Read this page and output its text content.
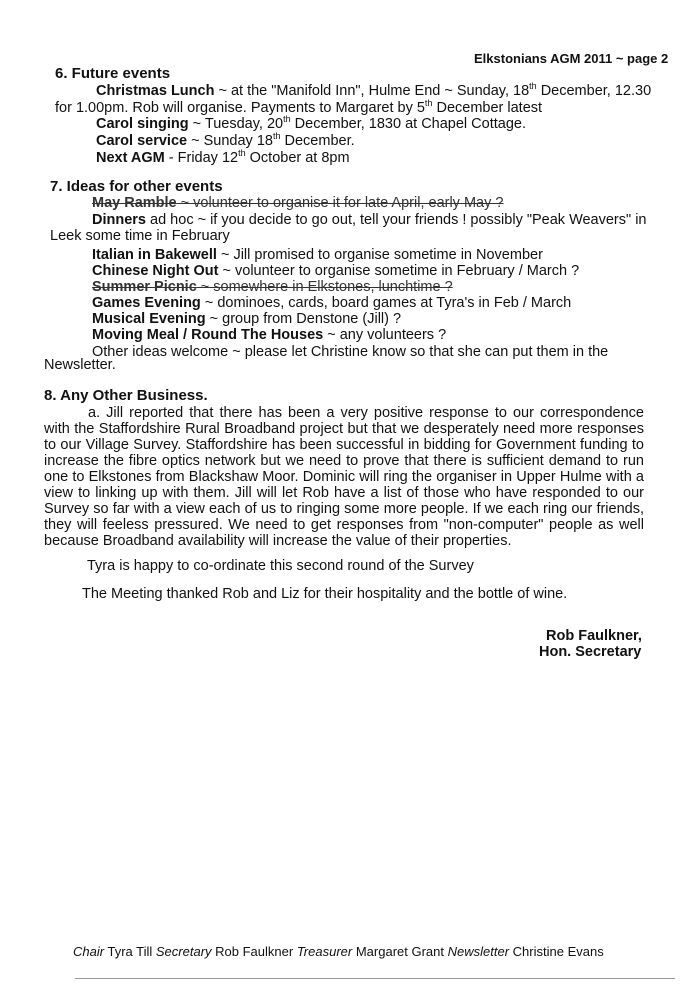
Elkstonians AGM 2011 ~ page 2
6. Future events
Christmas Lunch ~ at the "Manifold Inn", Hulme End ~ Sunday, 18th December, 12.30
for 1.00pm. Rob will organise. Payments to Margaret by 5th December latest
Carol singing ~ Tuesday, 20th December, 1830 at Chapel Cottage.
Carol service ~ Sunday 18th December.
Next AGM - Friday 12th October at 8pm
7. Ideas for other events
May Ramble ~ volunteer to organise it for late April, early May ?
Dinners ad hoc ~ if you decide to go out, tell your friends ! possibly "Peak Weavers" in
Leek some time in February
Italian in Bakewell ~ Jill promised to organise sometime in November
Chinese Night Out ~ volunteer to organise sometime in February / March ?
Summer Picnic ~ somewhere in Elkstones, lunchtime ?
Games Evening ~ dominoes, cards, board games at Tyra's in Feb / March
Musical Evening ~ group from Denstone (Jill) ?
Moving Meal / Round The Houses ~ any volunteers ?
Other ideas welcome ~ please let Christine know so that she can put them in the
Newsletter.
8. Any Other Business.
a. Jill reported that there has been a very positive response to our correspondence with the Staffordshire Rural Broadband project but that we desperately need more responses to our Village Survey. Staffordshire has been successful in bidding for Government funding to increase the fibre optics network but we need to prove that there is sufficient demand to run one to Elkstones from Blackshaw Moor. Dominic will ring the organiser in Upper Hulme with a view to linking up with them. Jill will let Rob have a list of those who have responded to our Survey so far with a view each of us to ringing some more people. If we each ring our friends, they will feeless pressured. We need to get responses from "non-computer" people as well because Broadband availability will increase the value of their properties.
Tyra is happy to co-ordinate this second round of the Survey
The Meeting thanked Rob and Liz for their hospitality and the bottle of wine.
Rob Faulkner,
Hon. Secretary
Chair Tyra Till Secretary Rob Faulkner Treasurer Margaret Grant Newsletter Christine Evans
